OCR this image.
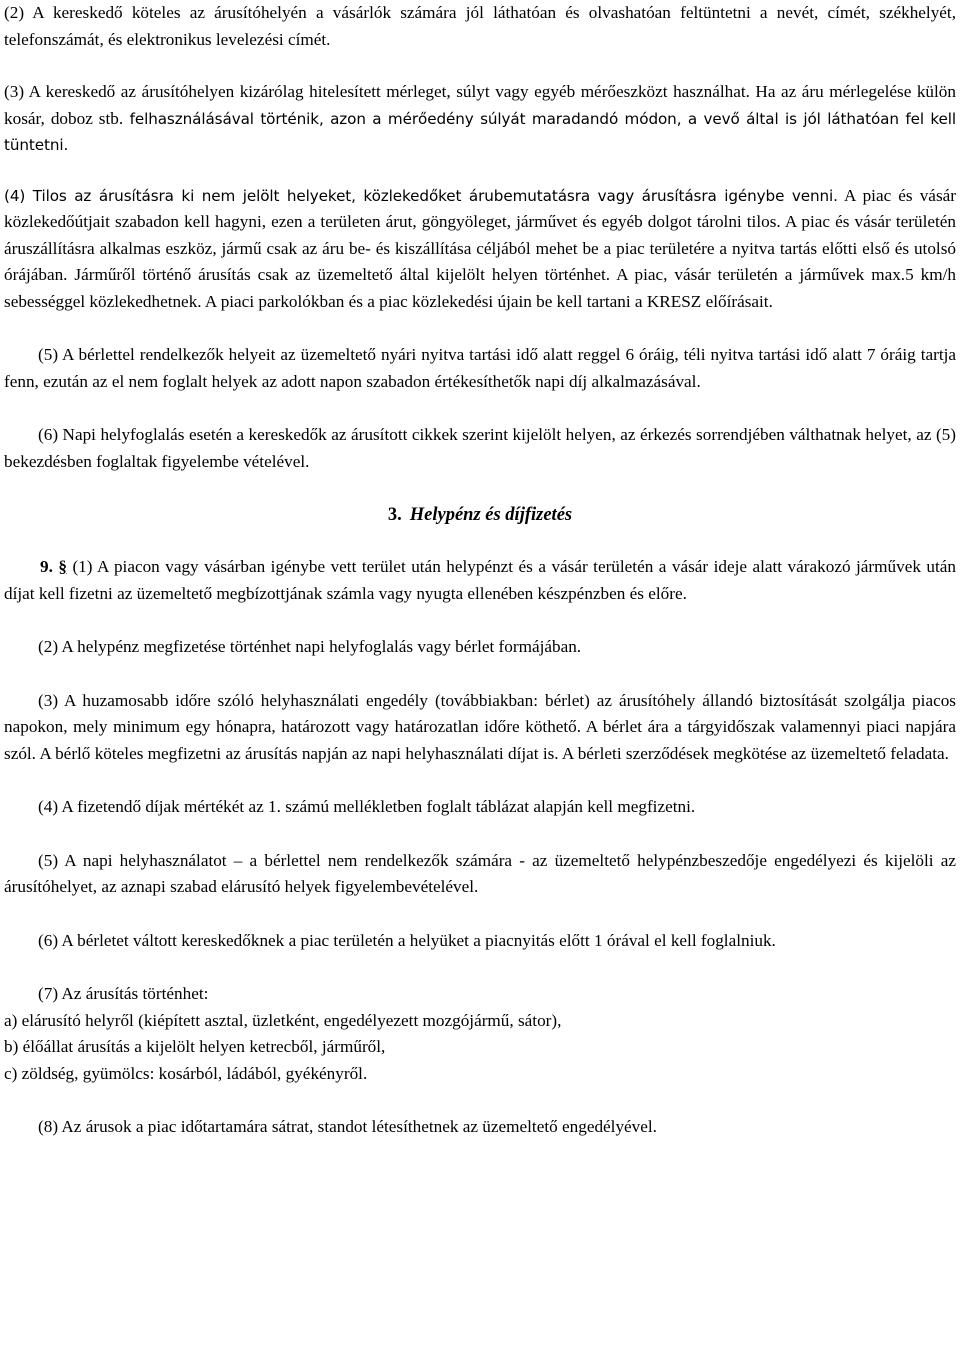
(2) A kereskedő köteles az árusítóhelyén a vásárlók számára jól láthatóan és olvashatóan feltüntetni a nevét, címét, székhelyét, telefonszámát, és elektronikus levelezési címét.

(3) A kereskedő az árusítóhelyen kizárólag hitelesített mérleget, súlyt vagy egyéb mérőeszközt használhat. Ha az áru mérlegelése külön kosár, doboz stb. felhasználásával történik, azon a mérőedény súlyát maradandó módon, a vevő által is jól láthatóan fel kell tüntetni.

(4) Tilos az árusításra ki nem jelölt helyeket, közlekedőket árubemutatásra vagy árusításra igénybe venni. A piac és vásár közlekedőútjait szabadon kell hagyni, ezen a területen árut, göngyöleget, járművet és egyéb dolgot tárolni tilos. A piac és vásár területén áruszállításra alkalmas eszköz, jármű csak az áru be- és kiszállítása céljából mehet be a piac területére a nyitva tartás előtti első és utolsó órájában. Járműről történő árusítás csak az üzemeltető által kijelölt helyen történhet. A piac, vásár területén a járművek max.5 km/h sebességgel közlekedhetnek. A piaci parkolókban és a piac közlekedési újain be kell tartani a KRESZ előírásait.

(5) A bérlettel rendelkezők helyeit az üzemeltető nyári nyitva tartási idő alatt reggel 6 óráig, téli nyitva tartási idő alatt 7 óráig tartja fenn, ezután az el nem foglalt helyek az adott napon szabadon értékesíthetők napi díj alkalmazásával.

(6) Napi helyfoglalás esetén a kereskedők az árusított cikkek szerint kijelölt helyen, az érkezés sorrendjében válthatnak helyet, az (5) bekezdésben foglaltak figyelembe vételével.

3. Helypénz és díjfizetés

9. § (1) A piacon vagy vásárban igénybe vett terület után helypénzt és a vásár területén a vásár ideje alatt várakozó járművek után díjat kell fizetni az üzemeltető megbízottjának számla vagy nyugta ellenében készpénzben és előre.

(2) A helypénz megfizetése történhet napi helyfoglalás vagy bérlet formájában.

(3) A huzamosabb időre szóló helyhasználati engedély (továbbiakban: bérlet) az árusítóhely állandó biztosítását szolgálja piacos napokon, mely minimum egy hónapra, határozott vagy határozatlan időre köthető. A bérlet ára a tárgyidőszak valamennyi piaci napjára szól. A bérlő köteles megfizetni az árusítás napján az napi helyhasználati díjat is. A bérleti szerződések megkötése az üzemeltető feladata.

(4) A fizetendő díjak mértékét az 1. számú mellékletben foglalt táblázat alapján kell megfizetni.

(5) A napi helyhasználatot – a bérlettel nem rendelkezők számára - az üzemeltető helypénzbeszedője engedélyezi és kijelöli az árusítóhelyet, az aznapi szabad elárusító helyek figyelembevételével.

(6) A bérletet váltott kereskedőknek a piac területén a helyüket a piacnyitás előtt 1 órával el kell foglalniuk.

(7) Az árusítás történhet:

a) elárusító helyről (kiépített asztal, üzletként, engedélyezett mozgójármű, sátor),

b) élőállat árusítás a kijelölt helyen ketrecből, járműről,

c) zöldség, gyümölcs: kosárból, ládából, gyékényről.

(8) Az árusok a piac időtartamára sátrat, standot létesíthetnek az üzemeltető engedélyével.
